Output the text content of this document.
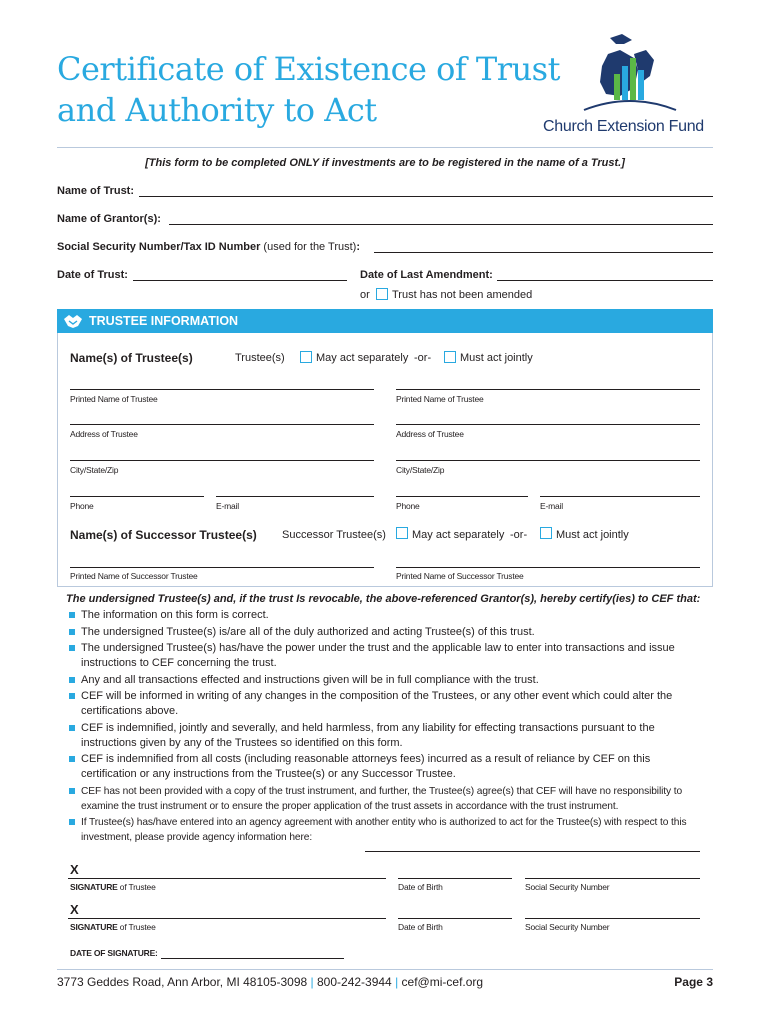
Certificate of Existence of Trust
and Authority to Act	Church Extension Fund
[This form to be completed ONLY if investments are to be registered in the name of a Trust.]
Name of Trust:
Name of Grantor(s):
Social Security Number/Tax ID Number (used for the Trust):
Date of Trust:	Date of Last Amendment:
or Trust has not been amended
TRUSTEE INFORMATION
Name(s) of Trustee(s)	Trustee(s)	May act separately -or-	Must act jointly
Printed Name of Trustee
Address of Trustee
City/State/Zip
Phone	E-mail
Printed Name of Trustee
Address of Trustee
City/State/Zip
Phone	E-mail
Name(s) of Successor Trustee(s) Successor Trustee(s) May act separately -or-	Must act jointly
Printed Name of Successor Trustee	Printed Name of Successor Trustee
The undersigned Trustee(s) and, if the trust Is revocable, the above-referenced Grantor(s), hereby certify(ies) to CEF that:
The information on this form is correct.
The undersigned Trustee(s) is/are all of the duly authorized and acting Trustee(s) of this trust.
The undersigned Trustee(s) has/have the power under the trust and the applicable law to enter into transactions and issue instructions to CEF concerning the trust.
Any and all transactions effected and instructions given will be in full compliance with the trust.
CEF will be informed in writing of any changes in the composition of the Trustees, or any other event which could alter the certifications above.
CEF is indemnified, jointly and severally, and held harmless, from any liability for effecting transactions pursuant to the instructions given by any of the Trustees so identified on this form.
CEF is indemnified from all costs (including reasonable attorneys fees) incurred as a result of reliance by CEF on this certification or any instructions from the Trustee(s) or any Successor Trustee.
CEF has not been provided with a copy of the trust instrument, and further, the Trustee(s) agree(s) that CEF will have no responsibility to examine the trust instrument or to ensure the proper application of the trust assets in accordance with the trust instrument.
If Trustee(s) has/have entered into an agency agreement with another entity who is authorized to act for the Trustee(s) with respect to this investment, please provide agency information here:
X
SIGNATURE of Trustee	Date of Birth	Social Security Number
X
SIGNATURE of Trustee	Date of Birth	Social Security Number
DATE OF SIGNATURE:
3773 Geddes Road, Ann Arbor, MI 48105-3098 | 800-242-3944 | cef@mi-cef.org	Page 3
